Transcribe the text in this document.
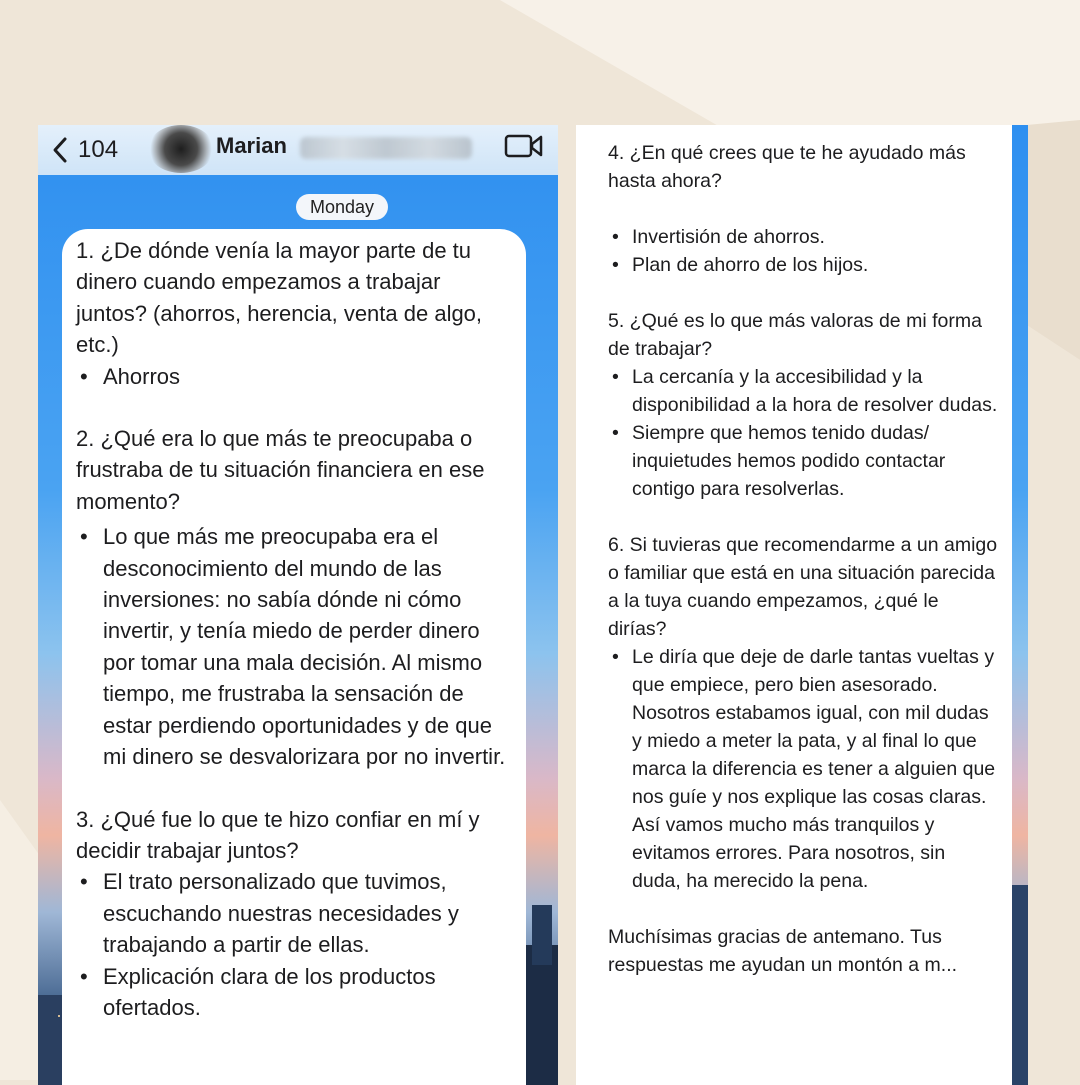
104	Marian
Monday

1. ¿De dónde venía la mayor parte de tu dinero cuando empezamos a trabajar juntos? (ahorros, herencia, venta de algo, etc.)

• Ahorros

2. ¿Qué era lo que más te preocupaba o frustraba de tu situación financiera en ese momento?

• Lo que más me preocupaba era el desconocimiento del mundo de las inversiones: no sabía dónde ni cómo invertir, y tenía miedo de perder dinero por tomar una mala decisión. Al mismo tiempo, me frustraba la sensación de estar perdiendo oportunidades y de que mi dinero se desvalorizara por no invertir.

3. ¿Qué fue lo que te hizo confiar en mí y decidir trabajar juntos?

• El trato personalizado que tuvimos, escuchando nuestras necesidades y trabajando a partir de ellas.
• Explicación clara de los productos ofertados.

4. ¿En qué crees que te he ayudado más hasta ahora?

• Invertisión de ahorros.
• Plan de ahorro de los hijos.

5. ¿Qué es lo que más valoras de mi forma de trabajar?

• La cercanía y la accesibilidad y la disponibilidad a la hora de resolver dudas.
• Siempre que hemos tenido dudas/ inquietudes hemos podido contactar contigo para resolverlas.

6. Si tuvieras que recomendarme a un amigo o familiar que está en una situación parecida a la tuya cuando empezamos, ¿qué le dirías?

• Le diría que deje de darle tantas vueltas y que empiece, pero bien asesorado. Nosotros estabamos igual, con mil dudas y miedo a meter la pata, y al final lo que marca la diferencia es tener a alguien que nos guíe y nos explique las cosas claras. Así vamos mucho más tranquilos y evitamos errores. Para nosotros, sin duda, ha merecido la pena.

Muchísimas gracias de antemano. Tus respuestas me ayudan un montón a m...
